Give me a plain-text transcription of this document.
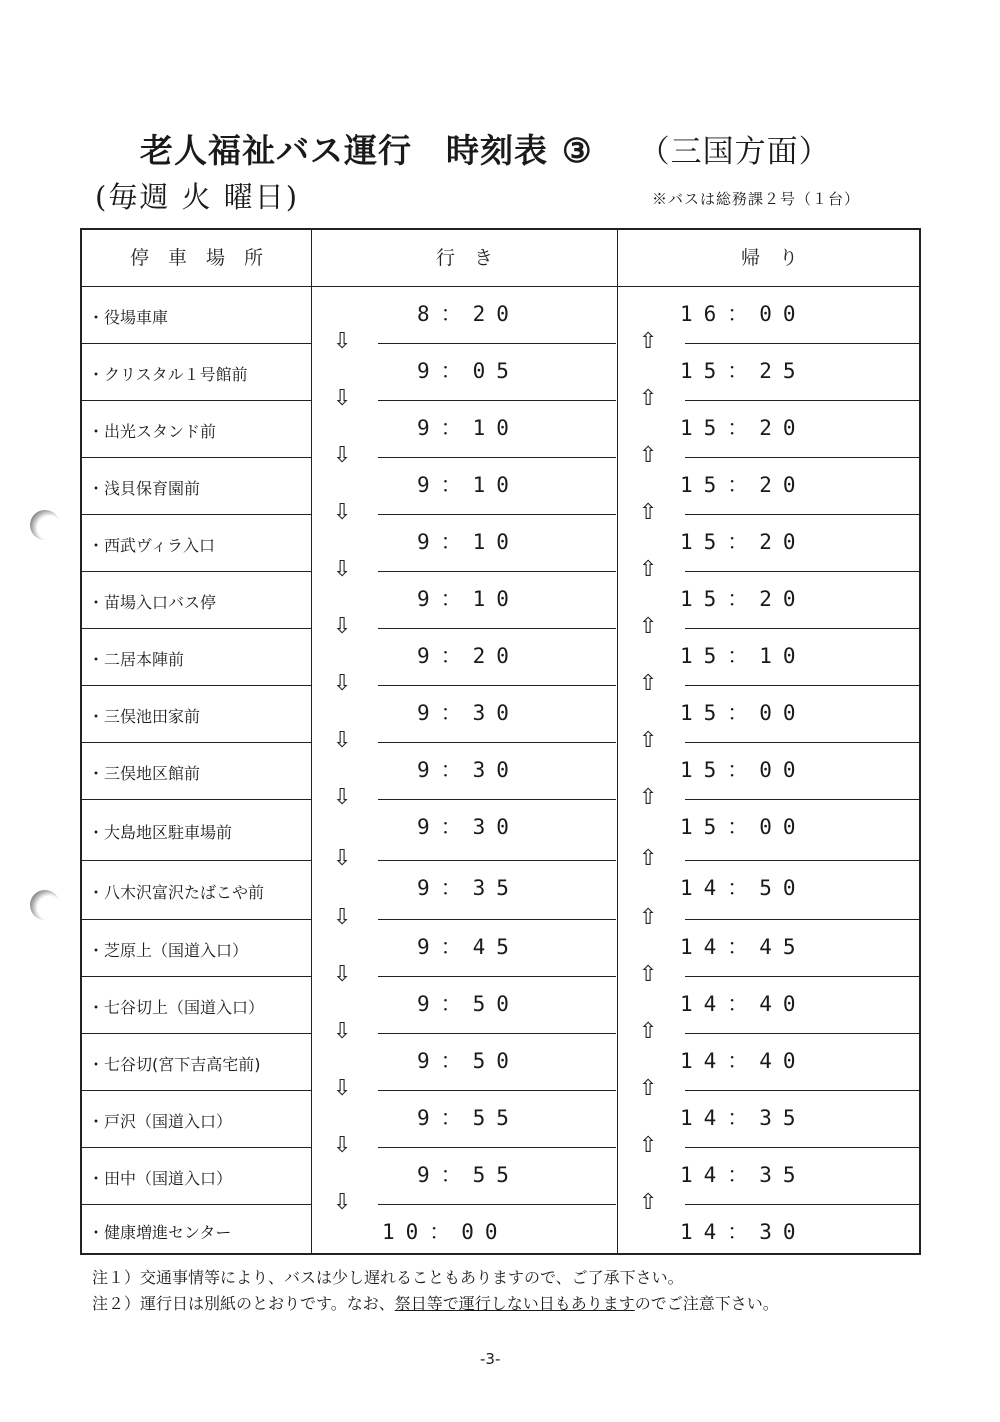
老人福祉バス運行　時刻表 ③ （三国方面）
(毎週 火 曜日)	※バスは総務課２号（１台）
停　車　場　所	行　き	帰　り
・役場車庫	8：20	16：00
⇩	⇧
・クリスタル１号館前	9：05	15：25
⇩	⇧
・出光スタンド前	9：10	15：20
⇩	⇧
・浅貝保育園前	9：10	15：20
⇩	⇧
・西武ヴィラ入口	9：10	15：20
⇩	⇧
・苗場入口バス停	9：10	15：20
⇩	⇧
・二居本陣前	9：20	15：10
⇩	⇧
・三俣池田家前	9：30	15：00
⇩	⇧
・三俣地区館前	9：30	15：00
⇩	⇧
・大島地区駐車場前	9：30	15：00
⇩	⇧
・八木沢富沢たばこや前	9：35	14：50
⇩	⇧
・芝原上（国道入口）	9：45	14：45
⇩	⇧
・七谷切上（国道入口）	9：50	14：40
⇩	⇧
・七谷切(宮下吉高宅前)	9：50	14：40
⇩	⇧
・戸沢（国道入口）	9：55	14：35
⇩	⇧
・田中（国道入口）	9：55	14：35
⇩	⇧
・健康増進センター	10：00	14：30
注１）交通事情等により、バスは少し遅れることもありますので、ご了承下さい。
注２）運行日は別紙のとおりです。なお、祭日等で運行しない日もありますのでご注意下さい。
-3-
